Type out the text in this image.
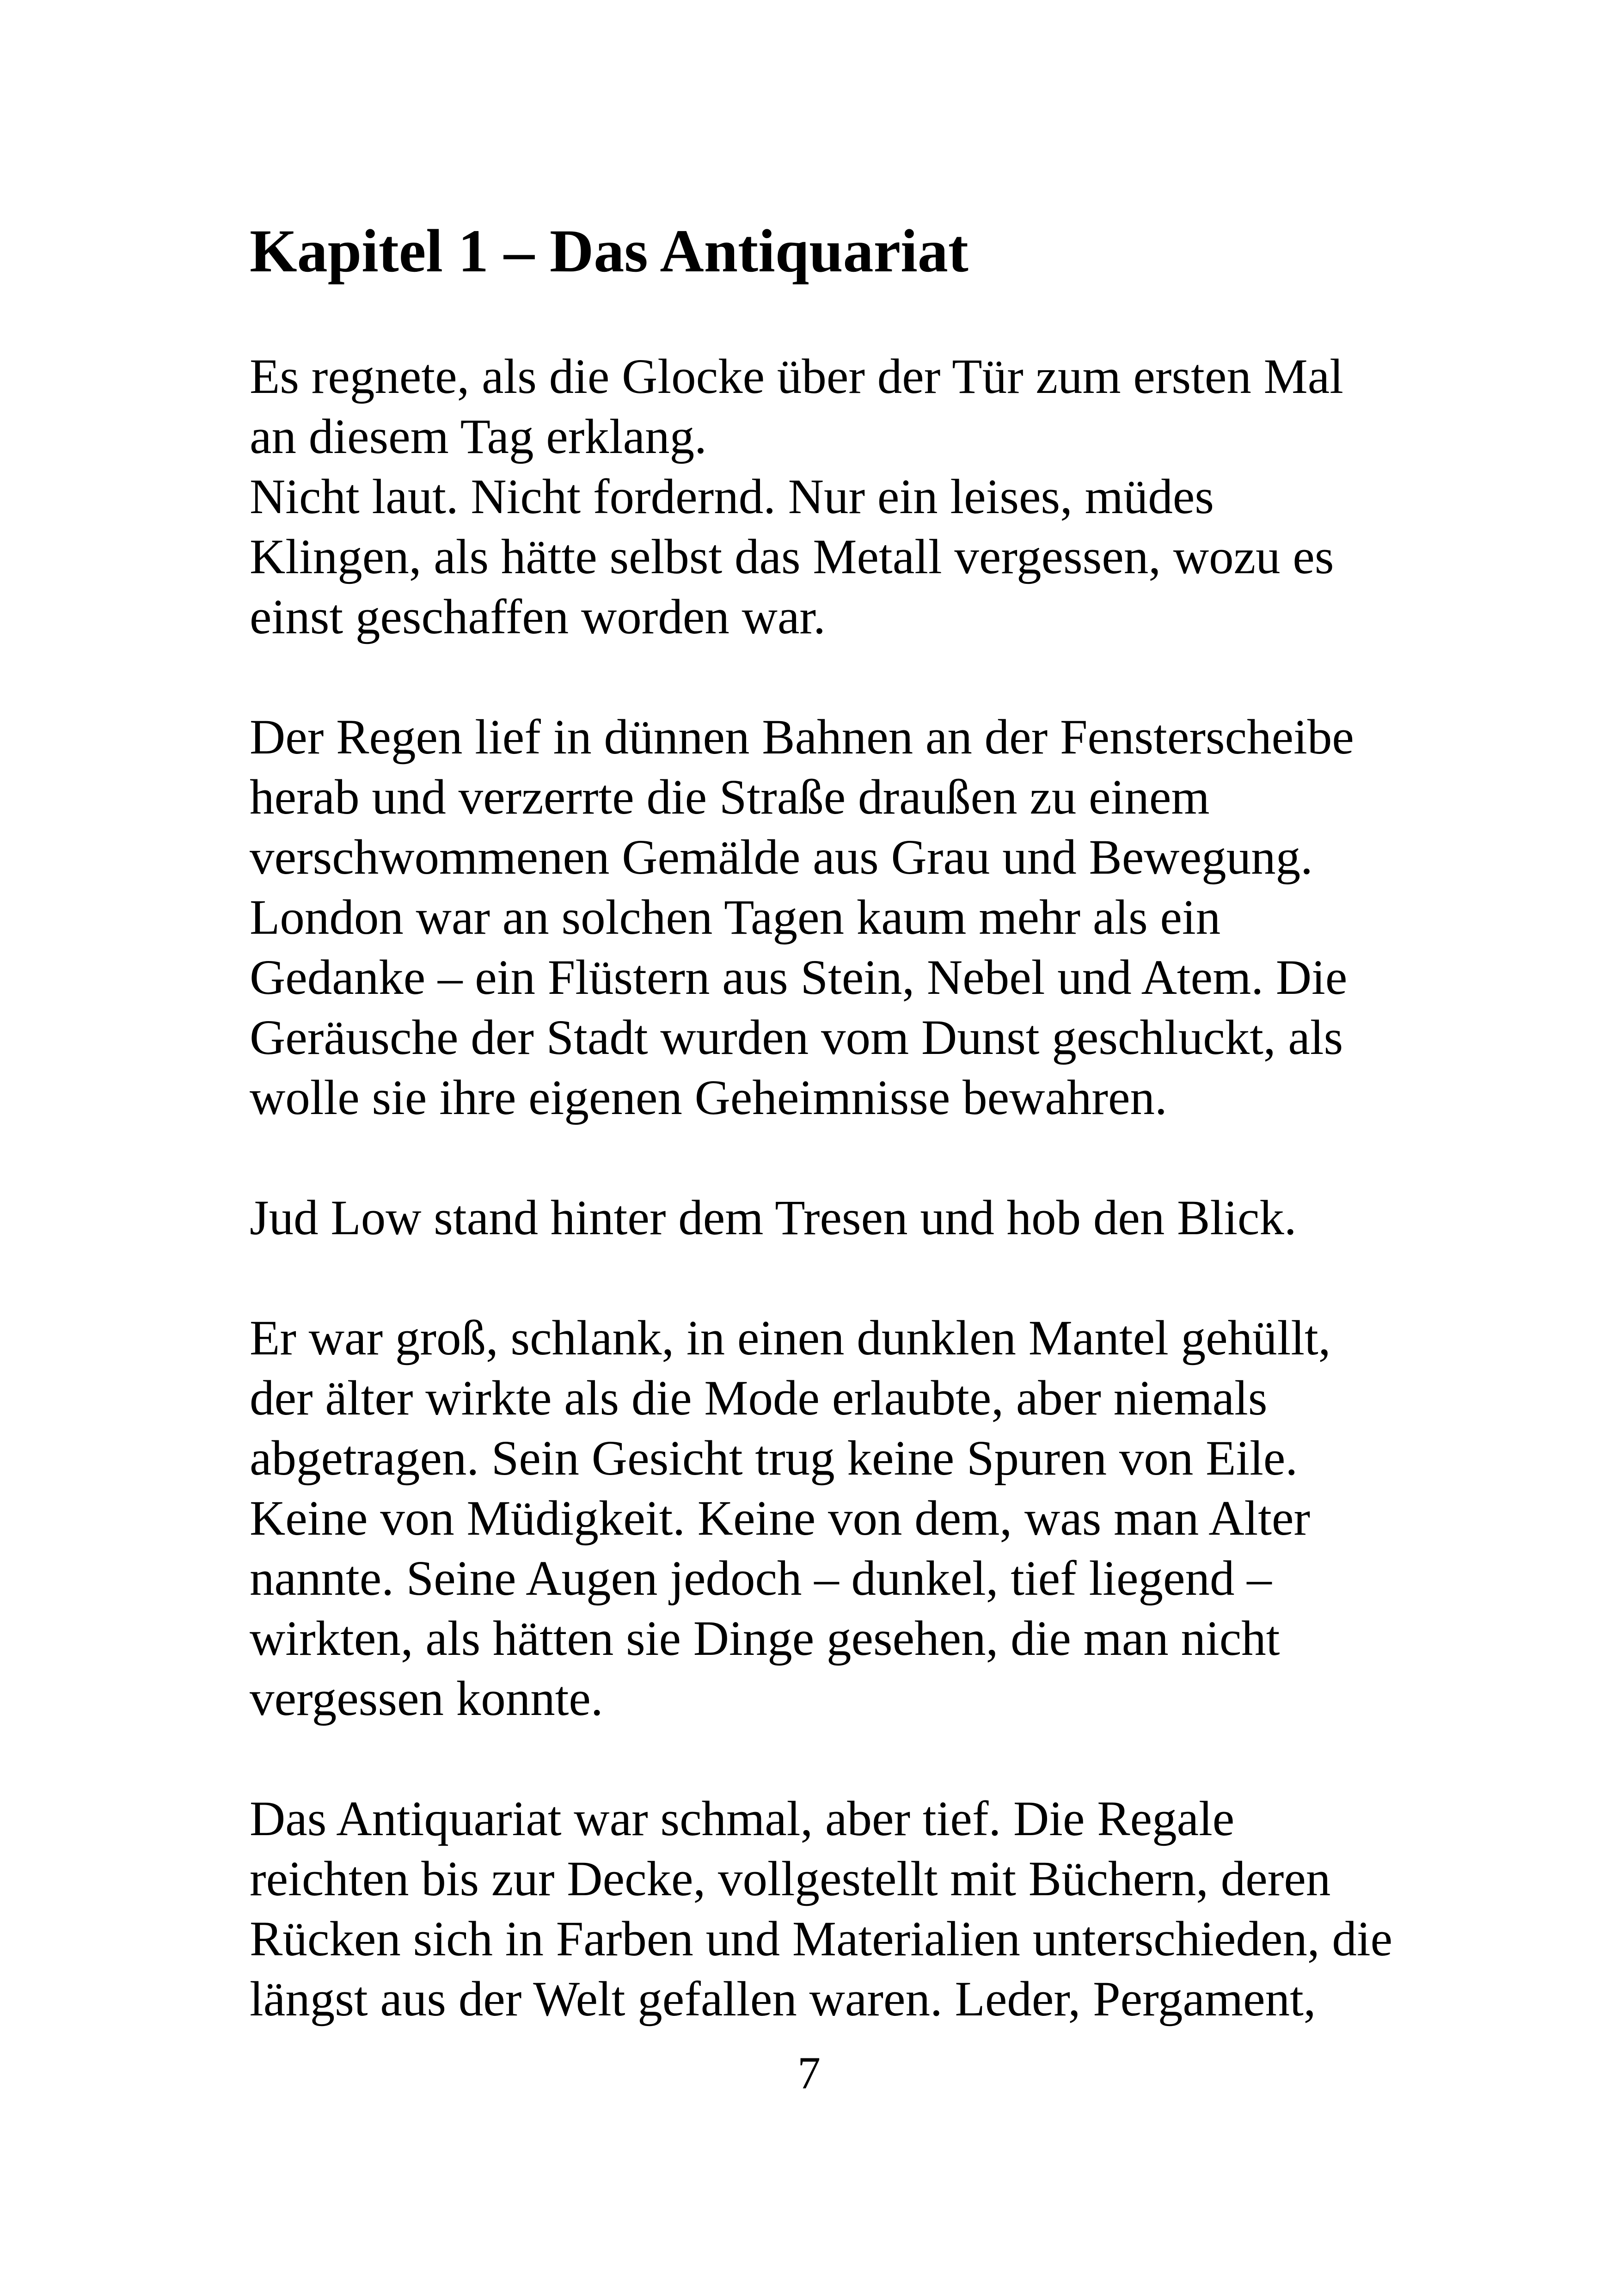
Kapitel 1 – Das Antiquariat

Es regnete, als die Glocke über der Tür zum ersten Mal
an diesem Tag erklang.
Nicht laut. Nicht fordernd. Nur ein leises, müdes
Klingen, als hätte selbst das Metall vergessen, wozu es
einst geschaffen worden war.

Der Regen lief in dünnen Bahnen an der Fensterscheibe
herab und verzerrte die Straße draußen zu einem
verschwommenen Gemälde aus Grau und Bewegung.
London war an solchen Tagen kaum mehr als ein
Gedanke – ein Flüstern aus Stein, Nebel und Atem. Die
Geräusche der Stadt wurden vom Dunst geschluckt, als
wolle sie ihre eigenen Geheimnisse bewahren.

Jud Low stand hinter dem Tresen und hob den Blick.

Er war groß, schlank, in einen dunklen Mantel gehüllt,
der älter wirkte als die Mode erlaubte, aber niemals
abgetragen. Sein Gesicht trug keine Spuren von Eile.
Keine von Müdigkeit. Keine von dem, was man Alter
nannte. Seine Augen jedoch – dunkel, tief liegend –
wirkten, als hätten sie Dinge gesehen, die man nicht
vergessen konnte.

Das Antiquariat war schmal, aber tief. Die Regale
reichten bis zur Decke, vollgestellt mit Büchern, deren
Rücken sich in Farben und Materialien unterschieden, die
längst aus der Welt gefallen waren. Leder, Pergament,

7
